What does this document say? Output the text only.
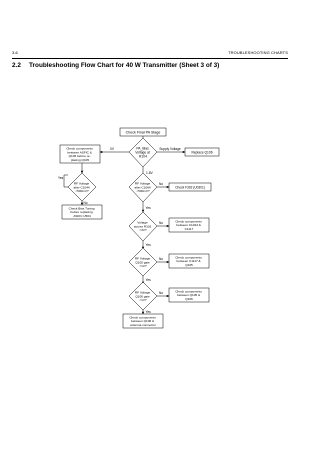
3-6	TROUBLESHOOTING CHARTS
2.2 Troubleshooting Flow Chart for 40 W Transmitter (Sheet 3 of 3)
Check Final PA Stage
PA_Bias Voltage at R104
RF Voltage after C1044 <500mV?
RF Voltage after C1064 <500mV?
Voltage across R103 <3V?
RF Voltage Q105 gate <1V?
RF Voltage Q106 gate <1V?
Check components between ASFIC & Q106 before re- placing Q105
Replace Q106
Check F302 (U0301)
Check Bias Tuning before replacing ASFIC U504
Check components between C1044 & C1117
Check components between C1117 & Q105
Check components between Q105 & Q106
Check components between Q106 & antenna connector
0V	Supply Voltage
1-8V
Yes
No
No
Yes
No
Yes
No
Yes
No
Yes
